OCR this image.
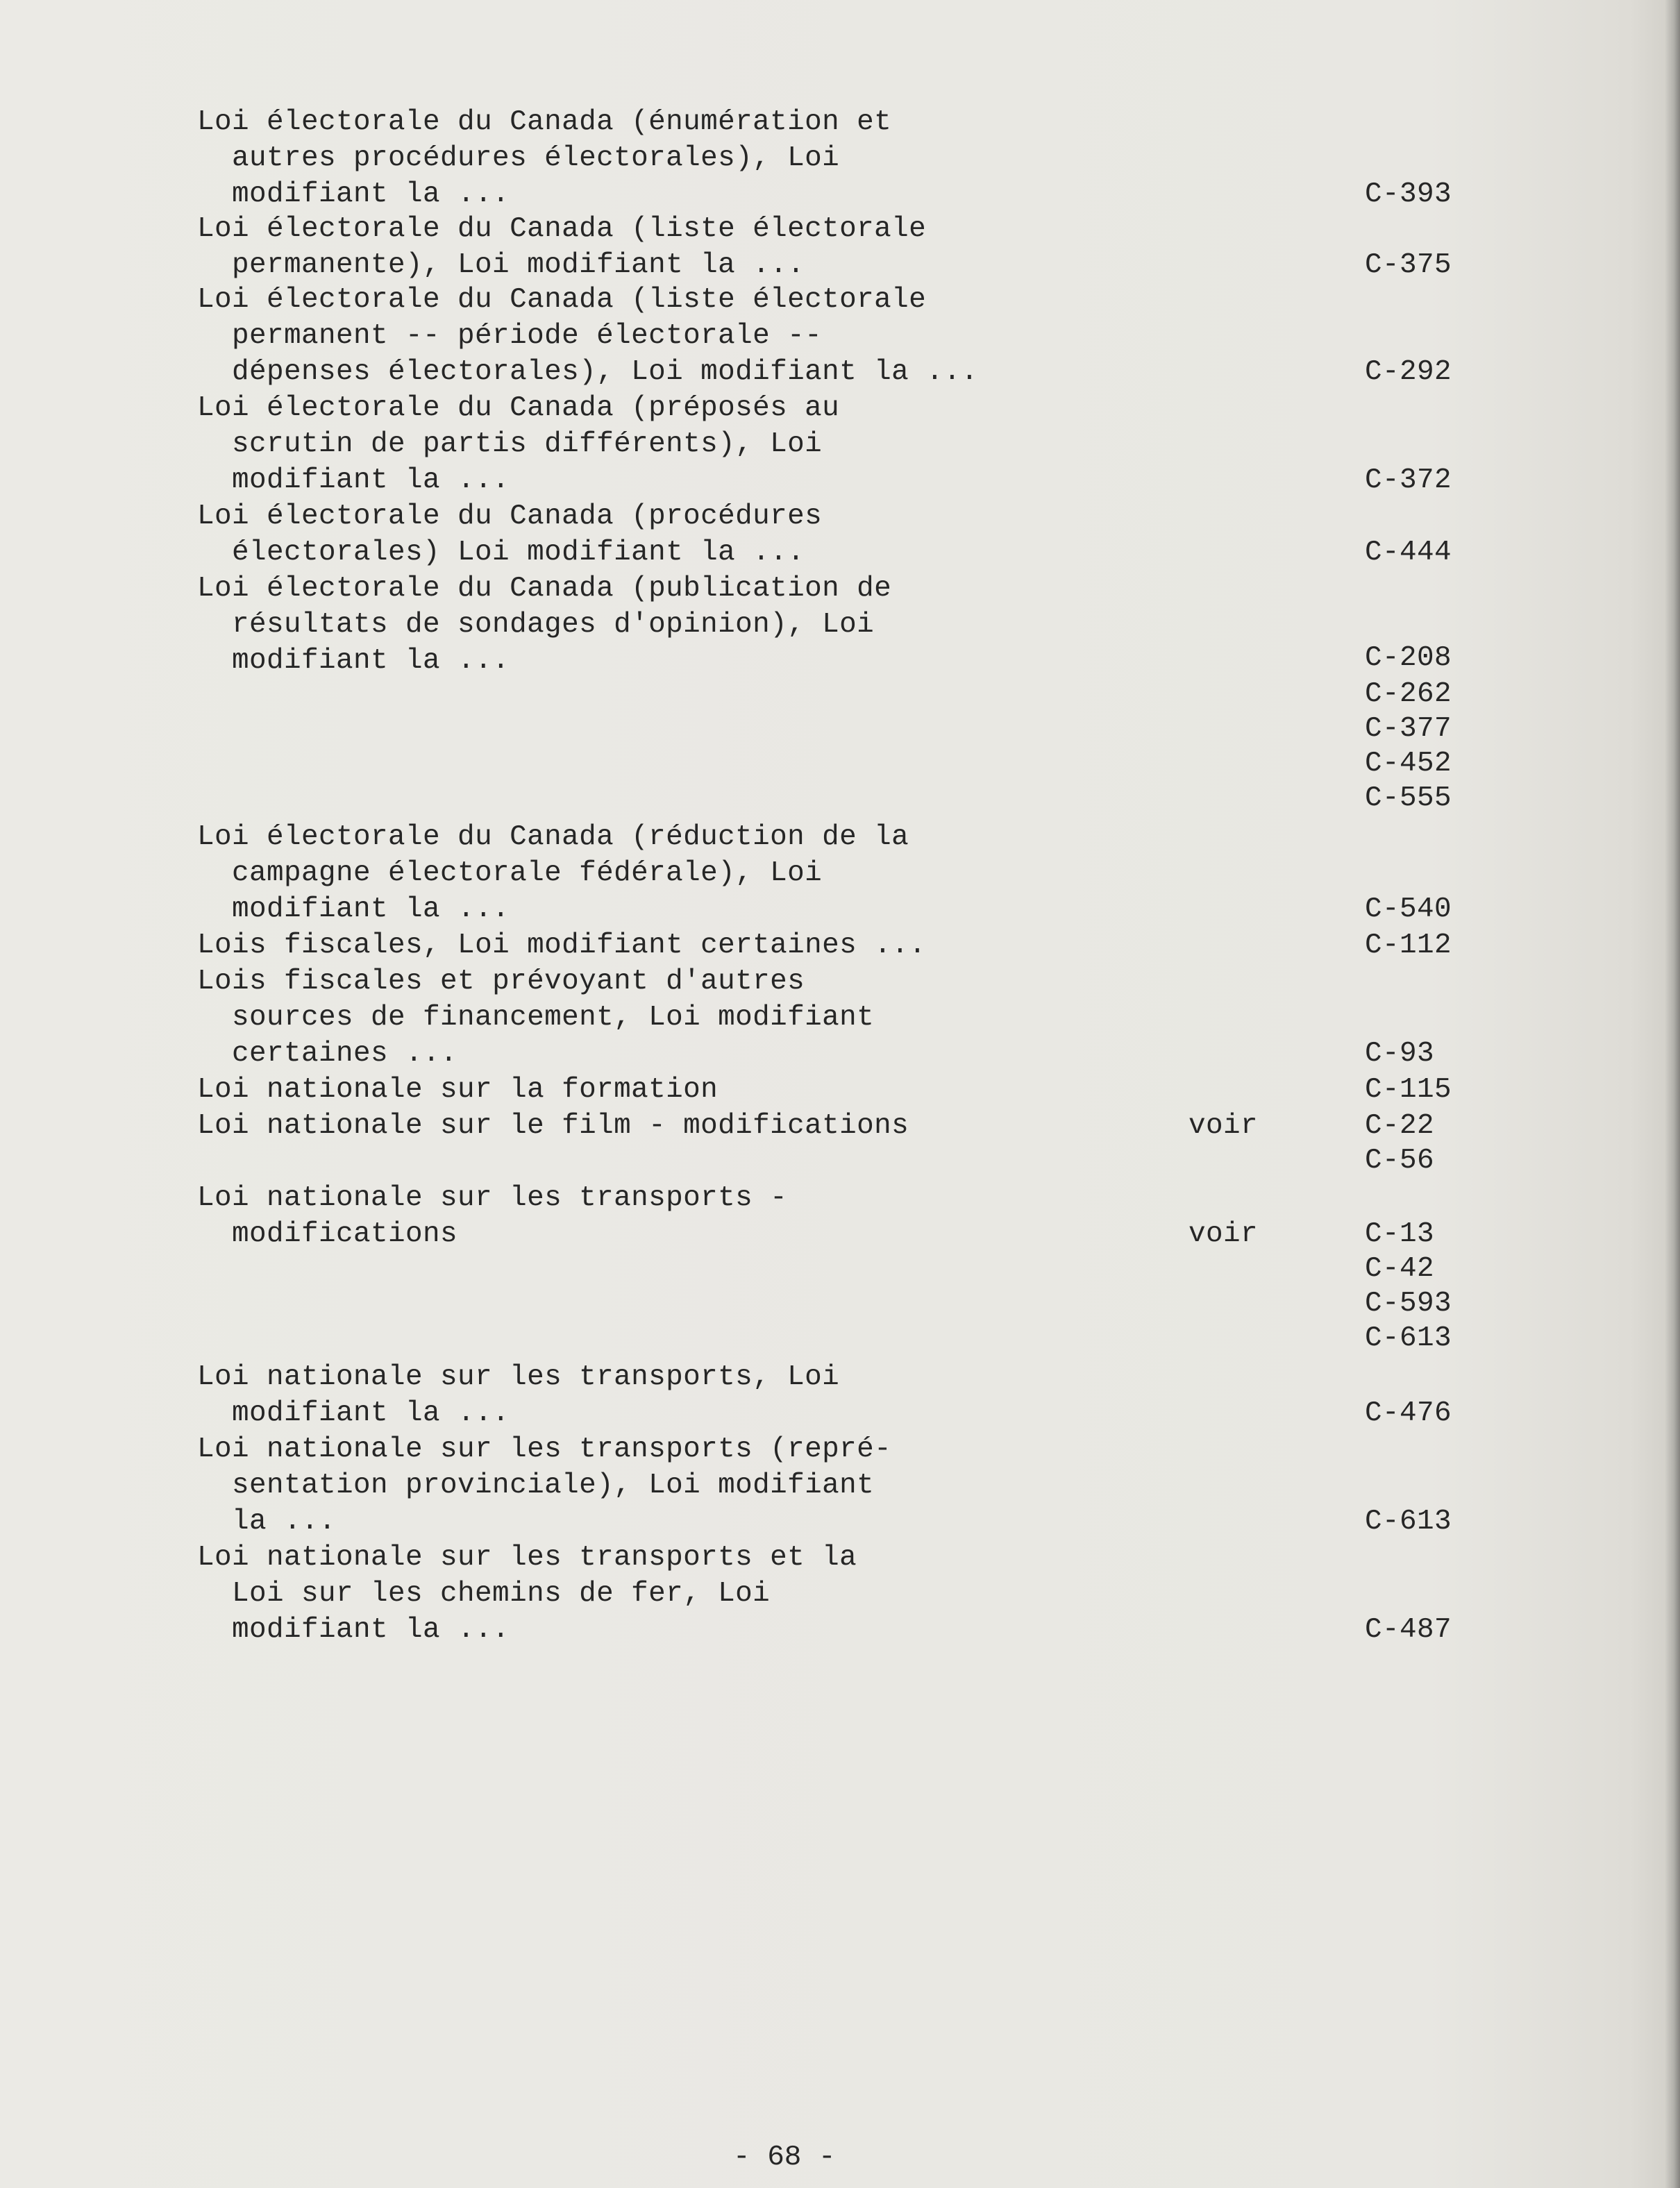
Loi électorale du Canada (énumération et
autres procédures électorales), Loi
modifiant la ...	C-393
Loi électorale du Canada (liste électorale
permanente), Loi modifiant la ...	C-375
Loi électorale du Canada (liste électorale
permanent -- période électorale --
dépenses électorales), Loi modifiant la ...	C-292
Loi électorale du Canada (préposés au
scrutin de partis différents), Loi
modifiant la ...	C-372
Loi électorale du Canada (procédures
électorales) Loi modifiant la ...	C-444
Loi électorale du Canada (publication de
résultats de sondages d'opinion), Loi
modifiant la ...	C-208
C-262
C-377
C-452
C-555
Loi électorale du Canada (réduction de la
campagne électorale fédérale), Loi
modifiant la ...	C-540
Lois fiscales, Loi modifiant certaines ...	C-112
Lois fiscales et prévoyant d'autres
sources de financement, Loi modifiant
certaines ...	C-93
Loi nationale sur la formation	C-115
Loi nationale sur le film - modifications	voir	C-22
C-56
Loi nationale sur les transports -
modifications	voir	C-13
C-42
C-593
C-613
Loi nationale sur les transports, Loi
modifiant la ...	C-476
Loi nationale sur les transports (repré-
sentation provinciale), Loi modifiant
la ...	C-613
Loi nationale sur les transports et la
Loi sur les chemins de fer, Loi
modifiant la ...	C-487
- 68 -
